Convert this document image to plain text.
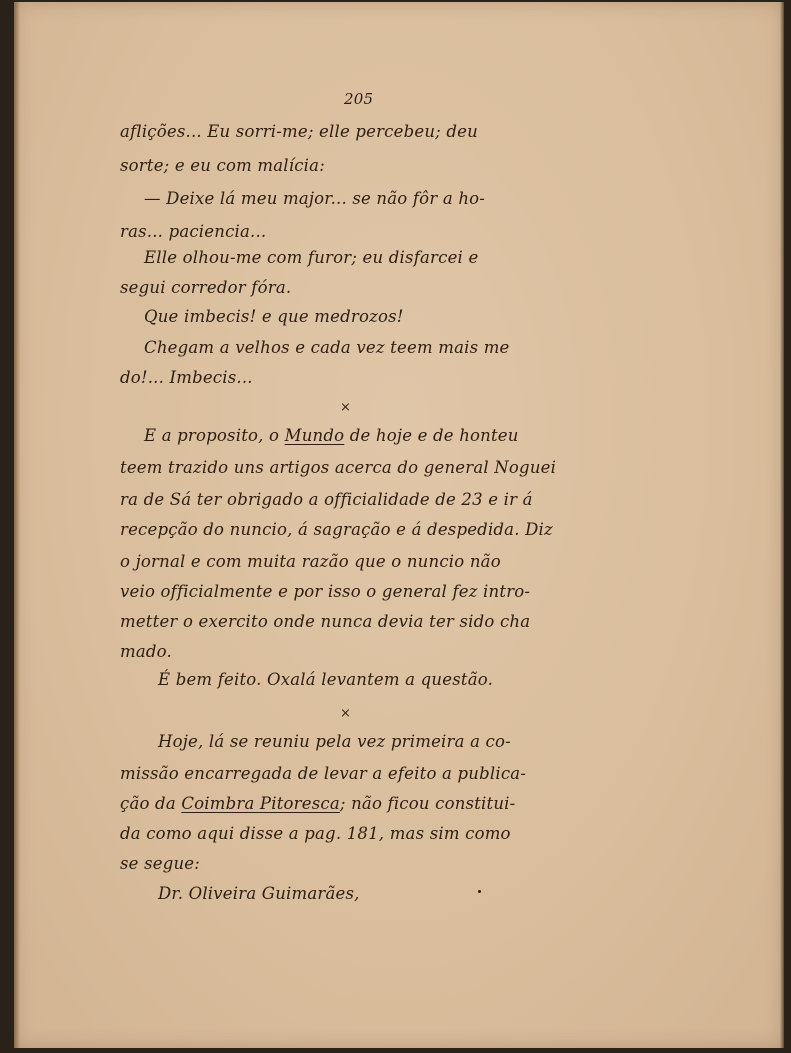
205

aflições... Eu sorri-me; elle percebeu; deu

sorte; e eu com malícia:

— Deixe lá meu major... se não fôr a ho-

ras... paciencia...

Elle olhou-me com furor; eu disfarcei e

segui corredor fóra.

Que imbecis! e que medrozos!

Chegam a velhos e cada vez teem mais me

do!... Imbecis...

×

E a proposito, o Mundo de hoje e de honteu

teem trazido uns artigos acerca do general Noguei

ra de Sá ter obrigado a officialidade de 23 e ir á

recepção do nuncio, á sagração e á despedida. Diz

o jornal e com muita razão que o nuncio não

veio officialmente e por isso o general fez intro-

metter o exercito onde nunca devia ter sido cha

mado.

É bem feito. Oxalá levantem a questão.

×

Hoje, lá se reuniu pela vez primeira a co-

missão encarregada de levar a efeito a publica-

ção da Coimbra Pitoresca; não ficou constitui-

da como aqui disse a pag. 181, mas sim como

se segue:

Dr. Oliveira Guimarães,
